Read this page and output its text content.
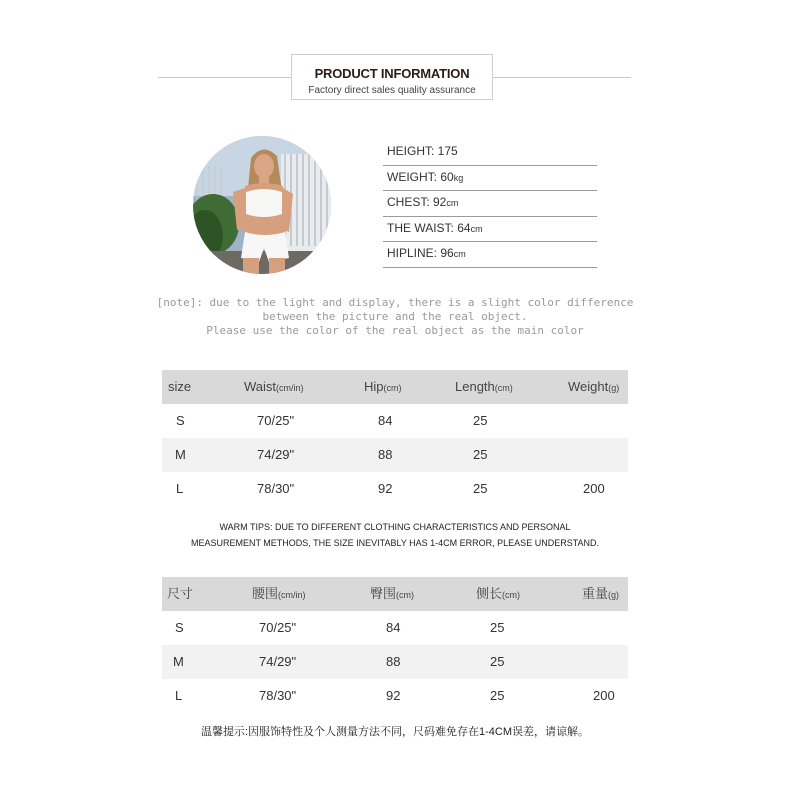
PRODUCT INFORMATION
Factory direct sales quality assurance
HEIGHT: 175
WEIGHT: 60kg
CHEST: 92cm
THE WAIST: 64cm
HIPLINE: 96cm
[note]: due to the light and display, there is a slight color difference
between the picture and the real object.
Please use the color of the real object as the main color
size	Waist(cm/in)	Hip(cm)	Length(cm)	Weight(g)
S	70/25"	84	25
M	74/29"	88	25
L	78/30"	92	25	200
WARM TIPS: DUE TO DIFFERENT CLOTHING CHARACTERISTICS AND PERSONAL
MEASUREMENT METHODS, THE SIZE INEVITABLY HAS 1-4CM ERROR, PLEASE UNDERSTAND.
尺寸	腰围(cm/in)	臀围(cm)	侧长(cm)	重量(g)
S	70/25"	84	25
M	74/29"	88	25
L	78/30"	92	25	200
温馨提示:因服饰特性及个人测量方法不同，尺码难免存在1-4CM误差，请谅解。
